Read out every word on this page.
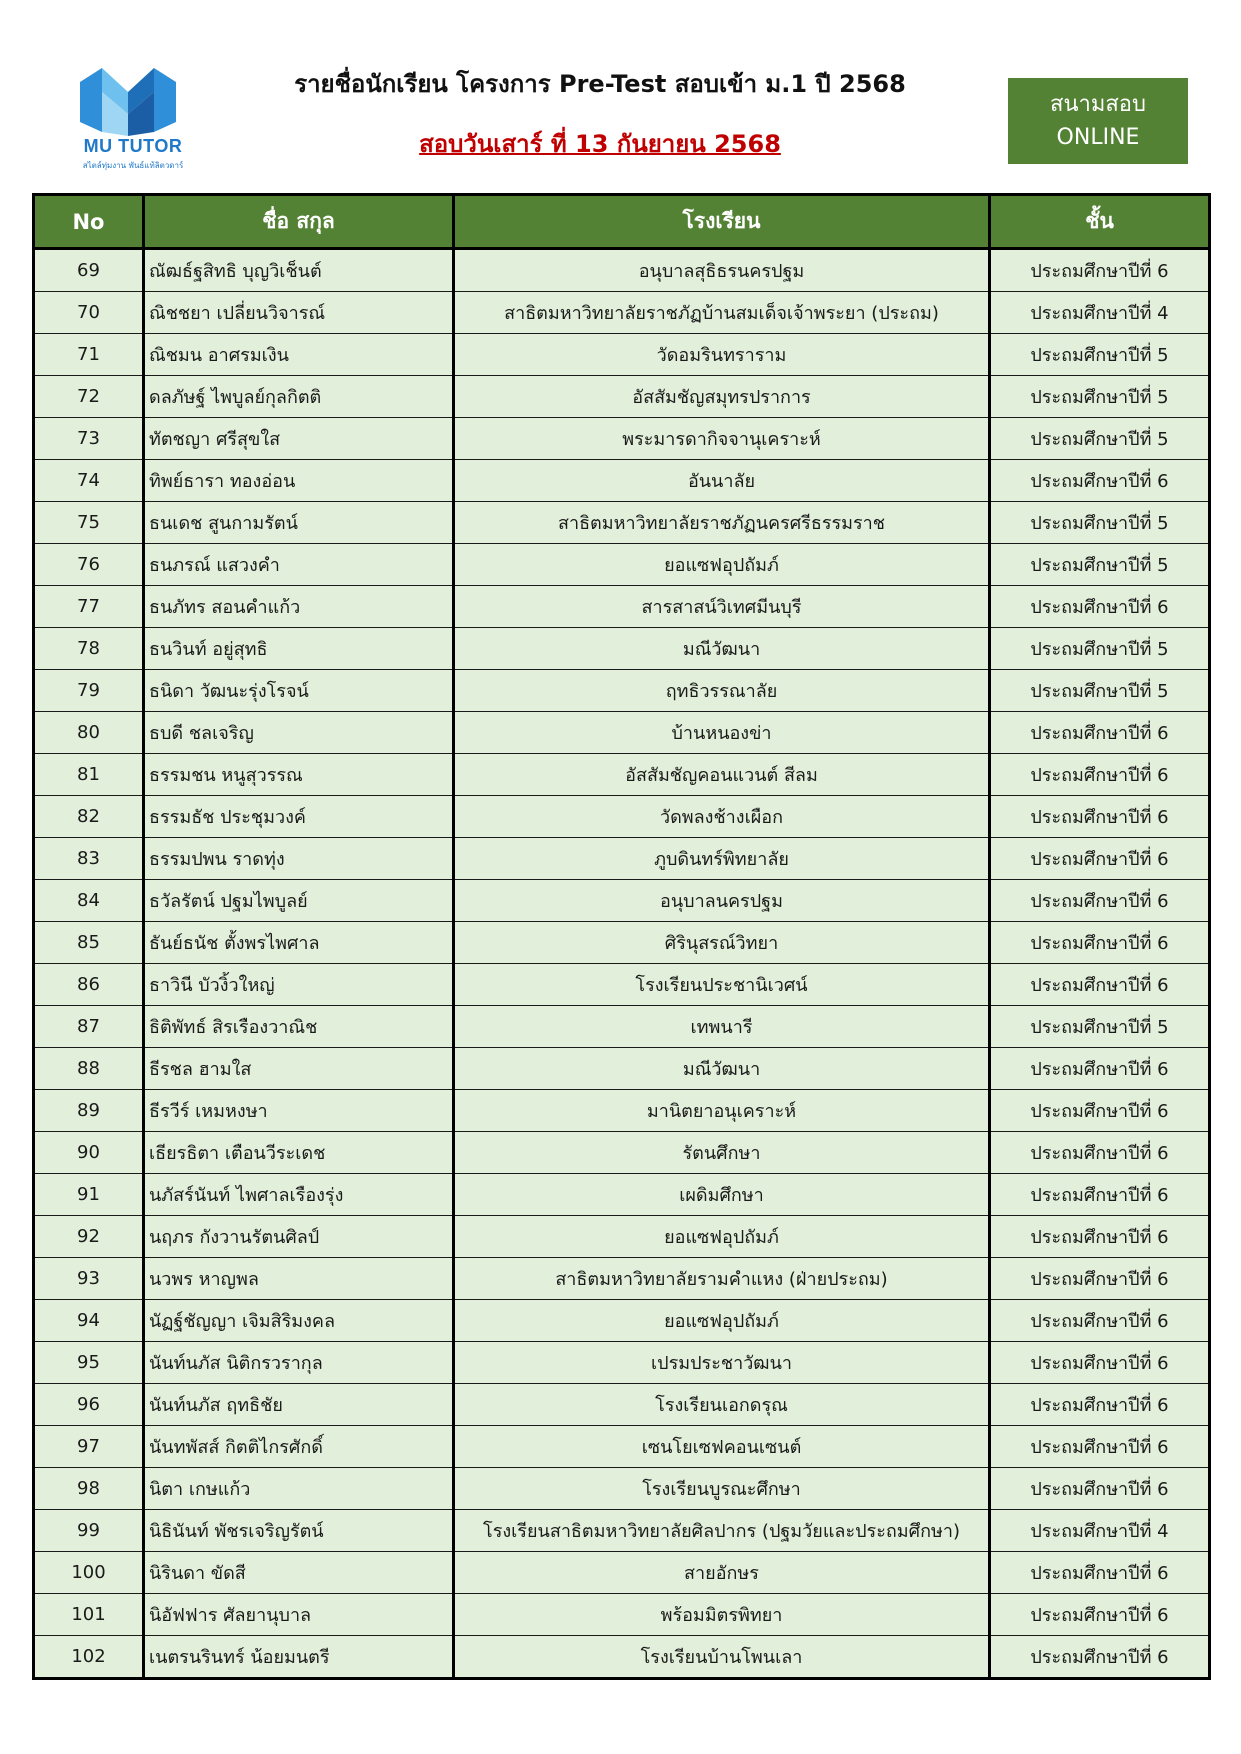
MU TUTOR
สไตล์ทุ่มงาน พันธ์แท้ลิตวดาร์
รายชื่อนักเรียน โครงการ Pre-Test สอบเข้า ม.1 ปี 2568
สอบวันเสาร์ ที่ 13 กันยายน 2568
สนามสอบ
ONLINE
No	ชื่อ สกุล	โรงเรียน	ชั้น
69	ณัฒธ์ฐสิทธิ บุญวิเช็นต์	อนุบาลสุธิธรนครปฐม	ประถมศึกษาปีที่ 6
70	ณิชชยา เปลี่ยนวิจารณ์	สาธิตมหาวิทยาลัยราชภัฏบ้านสมเด็จเจ้าพระยา (ประถม)	ประถมศึกษาปีที่ 4
71	ณิชมน อาศรมเงิน	วัดอมรินทราราม	ประถมศึกษาปีที่ 5
72	ดลภัษฐ์ ไพบูลย์กุลกิตติ	อัสสัมชัญสมุทรปราการ	ประถมศึกษาปีที่ 5
73	ทัตชญา ศรีสุขใส	พระมารดากิจจานุเคราะห์	ประถมศึกษาปีที่ 5
74	ทิพย์ธารา ทองอ่อน	อันนาลัย	ประถมศึกษาปีที่ 6
75	ธนเดช สูนกามรัตน์	สาธิตมหาวิทยาลัยราชภัฏนครศรีธรรมราช	ประถมศึกษาปีที่ 5
76	ธนภรณ์ แสวงคำ	ยอแซฟอุปถัมภ์	ประถมศึกษาปีที่ 5
77	ธนภัทร สอนคำแก้ว	สารสาสน์วิเทศมีนบุรี	ประถมศึกษาปีที่ 6
78	ธนวินท์ อยู่สุทธิ	มณีวัฒนา	ประถมศึกษาปีที่ 5
79	ธนิดา วัฒนะรุ่งโรจน์	ฤทธิวรรณาลัย	ประถมศึกษาปีที่ 5
80	ธบดี ชลเจริญ	บ้านหนองข่า	ประถมศึกษาปีที่ 6
81	ธรรมชน หนูสุวรรณ	อัสสัมชัญคอนแวนต์ สีลม	ประถมศึกษาปีที่ 6
82	ธรรมธัช ประชุมวงค์	วัดพลงช้างเผือก	ประถมศึกษาปีที่ 6
83	ธรรมปพน ราดทุ่ง	ภูบดินทร์พิทยาลัย	ประถมศึกษาปีที่ 6
84	ธวัลรัตน์ ปฐมไพบูลย์	อนุบาลนครปฐม	ประถมศึกษาปีที่ 6
85	ธันย์ธนัช ตั้งพรไพศาล	ศิรินุสรณ์วิทยา	ประถมศึกษาปีที่ 6
86	ธาวินี บัวงิ้วใหญ่	โรงเรียนประชานิเวศน์	ประถมศึกษาปีที่ 6
87	ธิติพัทธ์ สิรเรืองวาณิช	เทพนารี	ประถมศึกษาปีที่ 5
88	ธีรชล ฮามใส	มณีวัฒนา	ประถมศึกษาปีที่ 6
89	ธีรวีร์ เหมหงษา	มานิตยาอนุเคราะห์	ประถมศึกษาปีที่ 6
90	เธียรธิตา เตือนวีระเดช	รัตนศึกษา	ประถมศึกษาปีที่ 6
91	นภัสร์นันท์ ไพศาลเรืองรุ่ง	เผดิมศึกษา	ประถมศึกษาปีที่ 6
92	นฤภร กังวานรัตนศิลป์	ยอแซฟอุปถัมภ์	ประถมศึกษาปีที่ 6
93	นวพร หาญพล	สาธิตมหาวิทยาลัยรามคำแหง (ฝ่ายประถม)	ประถมศึกษาปีที่ 6
94	นัฏฐ์ชัญญา เจิมสิริมงคล	ยอแซฟอุปถัมภ์	ประถมศึกษาปีที่ 6
95	นันท์นภัส นิติกรวรากุล	เปรมประชาวัฒนา	ประถมศึกษาปีที่ 6
96	นันท์นภัส ฤทธิชัย	โรงเรียนเอกดรุณ	ประถมศึกษาปีที่ 6
97	นันทพัสส์ กิตติไกรศักดิ์	เซนโยเซฟคอนเซนต์	ประถมศึกษาปีที่ 6
98	นิตา เกษแก้ว	โรงเรียนบูรณะศึกษา	ประถมศึกษาปีที่ 6
99	นิธินันท์ พัชรเจริญรัตน์	โรงเรียนสาธิตมหาวิทยาลัยศิลปากร (ปฐมวัยและประถมศึกษา)	ประถมศึกษาปีที่ 4
100	นิรินดา ขัดสี	สายอักษร	ประถมศึกษาปีที่ 6
101	นิอัฟฟาร ศัลยานุบาล	พร้อมมิตรพิทยา	ประถมศึกษาปีที่ 6
102	เนตรนรินทร์ น้อยมนตรี	โรงเรียนบ้านโพนเลา	ประถมศึกษาปีที่ 6
